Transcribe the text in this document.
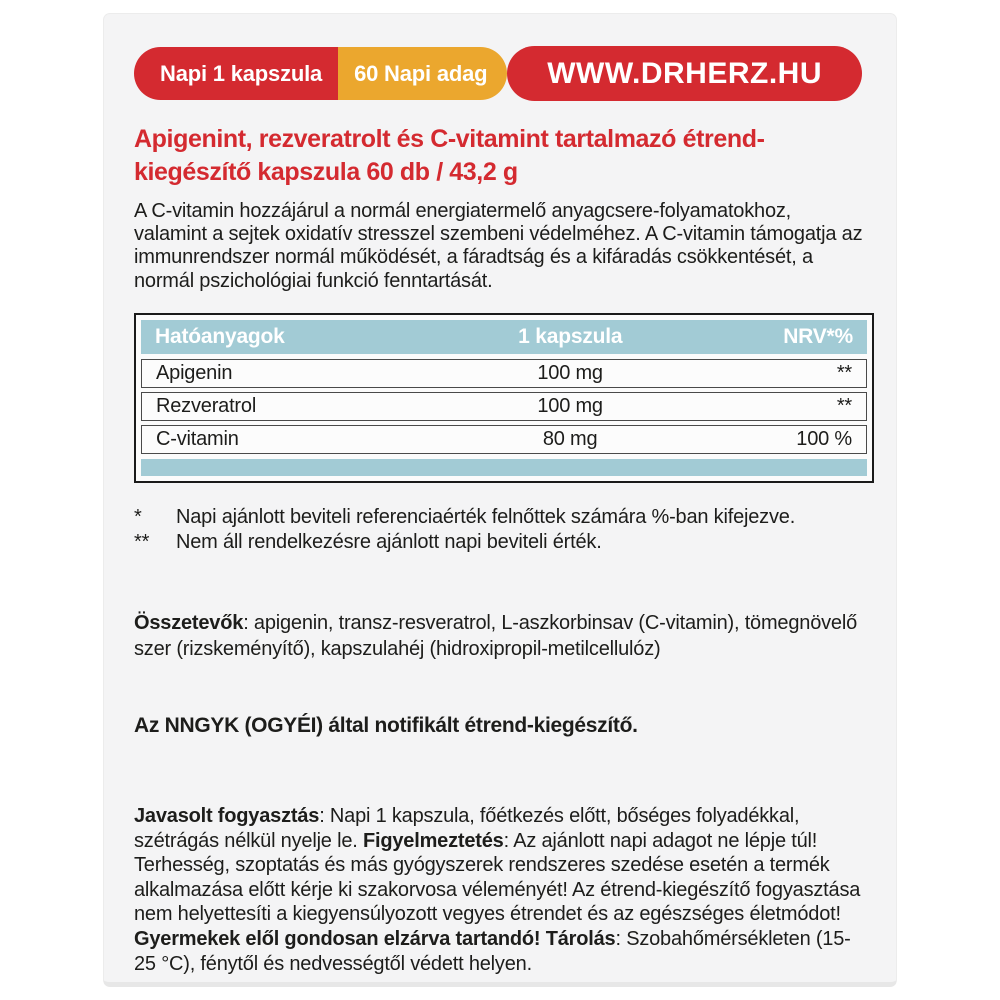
Napi 1 kapszula	60 Napi adag	WWW.DRHERZ.HU
Apigenint, rezveratrolt és C-vitamint tartalmazó étrend-kiegészítő kapszula 60 db / 43,2 g

A C-vitamin hozzájárul a normál energiatermelő anyagcsere-folyamatokhoz, valamint a sejtek oxidatív stresszel szembeni védelméhez. A C-vitamin támogatja az immunrendszer normál működését, a fáradtság és a kifáradás csökkentését, a normál pszichológiai funkció fenntartását.

Hatóanyagok	1 kapszula	NRV*%
Apigenin	100 mg	**
Rezveratrol	100 mg	**
C-vitamin	80 mg	100 %
*	Napi ajánlott beviteli referenciaérték felnőttek számára %-ban kifejezve.
**	Nem áll rendelkezésre ajánlott napi beviteli érték.

Összetevők: apigenin, transz-resveratrol, L-aszkorbinsav (C-vitamin), tömegnövelő szer (rizskeményítő), kapszulahéj (hidroxipropil-metilcellulóz)

Az NNGYK (OGYÉI) által notifikált étrend-kiegészítő.

Javasolt fogyasztás: Napi 1 kapszula, főétkezés előtt, bőséges folyadékkal, szétrágás nélkül nyelje le. Figyelmeztetés: Az ajánlott napi adagot ne lépje túl! Terhesség, szoptatás és más gyógyszerek rendszeres szedése esetén a termék alkalmazása előtt kérje ki szakorvosa véleményét! Az étrend-kiegészítő fogyasztása nem helyettesíti a kiegyensúlyozott vegyes étrendet és az egészséges életmódot! Gyermekek elől gondosan elzárva tartandó! Tárolás: Szobahőmérsékleten (15-25 °C), fénytől és nedvességtől védett helyen.
